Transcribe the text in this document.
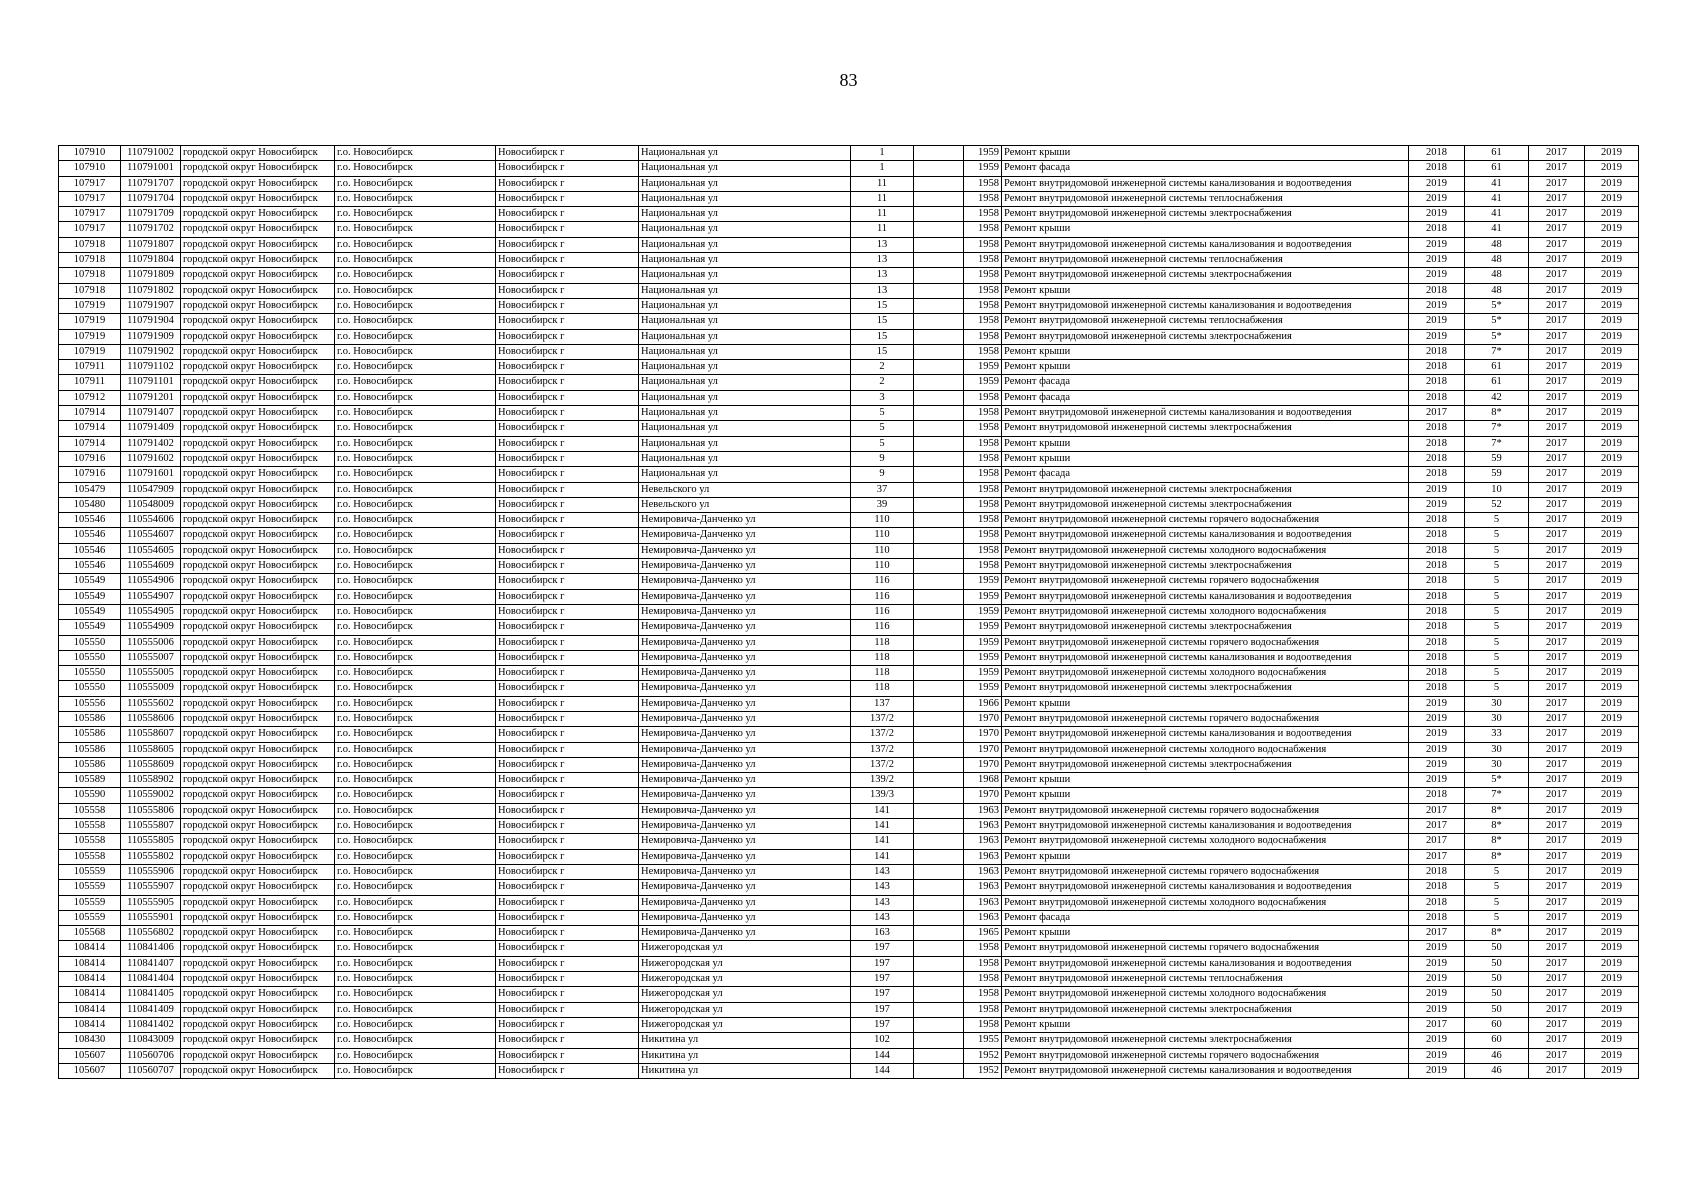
83
107910	110791002	городской округ Новосибирск	г.о. Новосибирск	Новосибирск г	Национальная ул	1		1959	Ремонт крыши	2018	61	2017	2019
107910	110791001	городской округ Новосибирск	г.о. Новосибирск	Новосибирск г	Национальная ул	1		1959	Ремонт фасада	2018	61	2017	2019
107917	110791707	городской округ Новосибирск	г.о. Новосибирск	Новосибирск г	Национальная ул	11		1958	Ремонт внутридомовой инженерной системы канализования и водоотведения	2019	41	2017	2019
107917	110791704	городской округ Новосибирск	г.о. Новосибирск	Новосибирск г	Национальная ул	11		1958	Ремонт внутридомовой инженерной системы теплоснабжения	2019	41	2017	2019
107917	110791709	городской округ Новосибирск	г.о. Новосибирск	Новосибирск г	Национальная ул	11		1958	Ремонт внутридомовой инженерной системы электроснабжения	2019	41	2017	2019
107917	110791702	городской округ Новосибирск	г.о. Новосибирск	Новосибирск г	Национальная ул	11		1958	Ремонт крыши	2018	41	2017	2019
107918	110791807	городской округ Новосибирск	г.о. Новосибирск	Новосибирск г	Национальная ул	13		1958	Ремонт внутридомовой инженерной системы канализования и водоотведения	2019	48	2017	2019
107918	110791804	городской округ Новосибирск	г.о. Новосибирск	Новосибирск г	Национальная ул	13		1958	Ремонт внутридомовой инженерной системы теплоснабжения	2019	48	2017	2019
107918	110791809	городской округ Новосибирск	г.о. Новосибирск	Новосибирск г	Национальная ул	13		1958	Ремонт внутридомовой инженерной системы электроснабжения	2019	48	2017	2019
107918	110791802	городской округ Новосибирск	г.о. Новосибирск	Новосибирск г	Национальная ул	13		1958	Ремонт крыши	2018	48	2017	2019
107919	110791907	городской округ Новосибирск	г.о. Новосибирск	Новосибирск г	Национальная ул	15		1958	Ремонт внутридомовой инженерной системы канализования и водоотведения	2019	5*	2017	2019
107919	110791904	городской округ Новосибирск	г.о. Новосибирск	Новосибирск г	Национальная ул	15		1958	Ремонт внутридомовой инженерной системы теплоснабжения	2019	5*	2017	2019
107919	110791909	городской округ Новосибирск	г.о. Новосибирск	Новосибирск г	Национальная ул	15		1958	Ремонт внутридомовой инженерной системы электроснабжения	2019	5*	2017	2019
107919	110791902	городской округ Новосибирск	г.о. Новосибирск	Новосибирск г	Национальная ул	15		1958	Ремонт крыши	2018	7*	2017	2019
107911	110791102	городской округ Новосибирск	г.о. Новосибирск	Новосибирск г	Национальная ул	2		1959	Ремонт крыши	2018	61	2017	2019
107911	110791101	городской округ Новосибирск	г.о. Новосибирск	Новосибирск г	Национальная ул	2		1959	Ремонт фасада	2018	61	2017	2019
107912	110791201	городской округ Новосибирск	г.о. Новосибирск	Новосибирск г	Национальная ул	3		1958	Ремонт фасада	2018	42	2017	2019
107914	110791407	городской округ Новосибирск	г.о. Новосибирск	Новосибирск г	Национальная ул	5		1958	Ремонт внутридомовой инженерной системы канализования и водоотведения	2017	8*	2017	2019
107914	110791409	городской округ Новосибирск	г.о. Новосибирск	Новосибирск г	Национальная ул	5		1958	Ремонт внутридомовой инженерной системы электроснабжения	2018	7*	2017	2019
107914	110791402	городской округ Новосибирск	г.о. Новосибирск	Новосибирск г	Национальная ул	5		1958	Ремонт крыши	2018	7*	2017	2019
107916	110791602	городской округ Новосибирск	г.о. Новосибирск	Новосибирск г	Национальная ул	9		1958	Ремонт крыши	2018	59	2017	2019
107916	110791601	городской округ Новосибирск	г.о. Новосибирск	Новосибирск г	Национальная ул	9		1958	Ремонт фасада	2018	59	2017	2019
105479	110547909	городской округ Новосибирск	г.о. Новосибирск	Новосибирск г	Невельского ул	37		1958	Ремонт внутридомовой инженерной системы электроснабжения	2019	10	2017	2019
105480	110548009	городской округ Новосибирск	г.о. Новосибирск	Новосибирск г	Невельского ул	39		1958	Ремонт внутридомовой инженерной системы электроснабжения	2019	52	2017	2019
105546	110554606	городской округ Новосибирск	г.о. Новосибирск	Новосибирск г	Немировича-Данченко ул	110		1958	Ремонт внутридомовой инженерной системы горячего водоснабжения	2018	5	2017	2019
105546	110554607	городской округ Новосибирск	г.о. Новосибирск	Новосибирск г	Немировича-Данченко ул	110		1958	Ремонт внутридомовой инженерной системы канализования и водоотведения	2018	5	2017	2019
105546	110554605	городской округ Новосибирск	г.о. Новосибирск	Новосибирск г	Немировича-Данченко ул	110		1958	Ремонт внутридомовой инженерной системы холодного водоснабжения	2018	5	2017	2019
105546	110554609	городской округ Новосибирск	г.о. Новосибирск	Новосибирск г	Немировича-Данченко ул	110		1958	Ремонт внутридомовой инженерной системы электроснабжения	2018	5	2017	2019
105549	110554906	городской округ Новосибирск	г.о. Новосибирск	Новосибирск г	Немировича-Данченко ул	116		1959	Ремонт внутридомовой инженерной системы горячего водоснабжения	2018	5	2017	2019
105549	110554907	городской округ Новосибирск	г.о. Новосибирск	Новосибирск г	Немировича-Данченко ул	116		1959	Ремонт внутридомовой инженерной системы канализования и водоотведения	2018	5	2017	2019
105549	110554905	городской округ Новосибирск	г.о. Новосибирск	Новосибирск г	Немировича-Данченко ул	116		1959	Ремонт внутридомовой инженерной системы холодного водоснабжения	2018	5	2017	2019
105549	110554909	городской округ Новосибирск	г.о. Новосибирск	Новосибирск г	Немировича-Данченко ул	116		1959	Ремонт внутридомовой инженерной системы электроснабжения	2018	5	2017	2019
105550	110555006	городской округ Новосибирск	г.о. Новосибирск	Новосибирск г	Немировича-Данченко ул	118		1959	Ремонт внутридомовой инженерной системы горячего водоснабжения	2018	5	2017	2019
105550	110555007	городской округ Новосибирск	г.о. Новосибирск	Новосибирск г	Немировича-Данченко ул	118		1959	Ремонт внутридомовой инженерной системы канализования и водоотведения	2018	5	2017	2019
105550	110555005	городской округ Новосибирск	г.о. Новосибирск	Новосибирск г	Немировича-Данченко ул	118		1959	Ремонт внутридомовой инженерной системы холодного водоснабжения	2018	5	2017	2019
105550	110555009	городской округ Новосибирск	г.о. Новосибирск	Новосибирск г	Немировича-Данченко ул	118		1959	Ремонт внутридомовой инженерной системы электроснабжения	2018	5	2017	2019
105556	110555602	городской округ Новосибирск	г.о. Новосибирск	Новосибирск г	Немировича-Данченко ул	137		1966	Ремонт крыши	2019	30	2017	2019
105586	110558606	городской округ Новосибирск	г.о. Новосибирск	Новосибирск г	Немировича-Данченко ул	137/2		1970	Ремонт внутридомовой инженерной системы горячего водоснабжения	2019	30	2017	2019
105586	110558607	городской округ Новосибирск	г.о. Новосибирск	Новосибирск г	Немировича-Данченко ул	137/2		1970	Ремонт внутридомовой инженерной системы канализования и водоотведения	2019	33	2017	2019
105586	110558605	городской округ Новосибирск	г.о. Новосибирск	Новосибирск г	Немировича-Данченко ул	137/2		1970	Ремонт внутридомовой инженерной системы холодного водоснабжения	2019	30	2017	2019
105586	110558609	городской округ Новосибирск	г.о. Новосибирск	Новосибирск г	Немировича-Данченко ул	137/2		1970	Ремонт внутридомовой инженерной системы электроснабжения	2019	30	2017	2019
105589	110558902	городской округ Новосибирск	г.о. Новосибирск	Новосибирск г	Немировича-Данченко ул	139/2		1968	Ремонт крыши	2019	5*	2017	2019
105590	110559002	городской округ Новосибирск	г.о. Новосибирск	Новосибирск г	Немировича-Данченко ул	139/3		1970	Ремонт крыши	2018	7*	2017	2019
105558	110555806	городской округ Новосибирск	г.о. Новосибирск	Новосибирск г	Немировича-Данченко ул	141		1963	Ремонт внутридомовой инженерной системы горячего водоснабжения	2017	8*	2017	2019
105558	110555807	городской округ Новосибирск	г.о. Новосибирск	Новосибирск г	Немировича-Данченко ул	141		1963	Ремонт внутридомовой инженерной системы канализования и водоотведения	2017	8*	2017	2019
105558	110555805	городской округ Новосибирск	г.о. Новосибирск	Новосибирск г	Немировича-Данченко ул	141		1963	Ремонт внутридомовой инженерной системы холодного водоснабжения	2017	8*	2017	2019
105558	110555802	городской округ Новосибирск	г.о. Новосибирск	Новосибирск г	Немировича-Данченко ул	141		1963	Ремонт крыши	2017	8*	2017	2019
105559	110555906	городской округ Новосибирск	г.о. Новосибирск	Новосибирск г	Немировича-Данченко ул	143		1963	Ремонт внутридомовой инженерной системы горячего водоснабжения	2018	5	2017	2019
105559	110555907	городской округ Новосибирск	г.о. Новосибирск	Новосибирск г	Немировича-Данченко ул	143		1963	Ремонт внутридомовой инженерной системы канализования и водоотведения	2018	5	2017	2019
105559	110555905	городской округ Новосибирск	г.о. Новосибирск	Новосибирск г	Немировича-Данченко ул	143		1963	Ремонт внутридомовой инженерной системы холодного водоснабжения	2018	5	2017	2019
105559	110555901	городской округ Новосибирск	г.о. Новосибирск	Новосибирск г	Немировича-Данченко ул	143		1963	Ремонт фасада	2018	5	2017	2019
105568	110556802	городской округ Новосибирск	г.о. Новосибирск	Новосибирск г	Немировича-Данченко ул	163		1965	Ремонт крыши	2017	8*	2017	2019
108414	110841406	городской округ Новосибирск	г.о. Новосибирск	Новосибирск г	Нижегородская ул	197		1958	Ремонт внутридомовой инженерной системы горячего водоснабжения	2019	50	2017	2019
108414	110841407	городской округ Новосибирск	г.о. Новосибирск	Новосибирск г	Нижегородская ул	197		1958	Ремонт внутридомовой инженерной системы канализования и водоотведения	2019	50	2017	2019
108414	110841404	городской округ Новосибирск	г.о. Новосибирск	Новосибирск г	Нижегородская ул	197		1958	Ремонт внутридомовой инженерной системы теплоснабжения	2019	50	2017	2019
108414	110841405	городской округ Новосибирск	г.о. Новосибирск	Новосибирск г	Нижегородская ул	197		1958	Ремонт внутридомовой инженерной системы холодного водоснабжения	2019	50	2017	2019
108414	110841409	городской округ Новосибирск	г.о. Новосибирск	Новосибирск г	Нижегородская ул	197		1958	Ремонт внутридомовой инженерной системы электроснабжения	2019	50	2017	2019
108414	110841402	городской округ Новосибирск	г.о. Новосибирск	Новосибирск г	Нижегородская ул	197		1958	Ремонт крыши	2017	60	2017	2019
108430	110843009	городской округ Новосибирск	г.о. Новосибирск	Новосибирск г	Никитина ул	102		1955	Ремонт внутридомовой инженерной системы электроснабжения	2019	60	2017	2019
105607	110560706	городской округ Новосибирск	г.о. Новосибирск	Новосибирск г	Никитина ул	144		1952	Ремонт внутридомовой инженерной системы горячего водоснабжения	2019	46	2017	2019
105607	110560707	городской округ Новосибирск	г.о. Новосибирск	Новосибирск г	Никитина ул	144		1952	Ремонт внутридомовой инженерной системы канализования и водоотведения	2019	46	2017	2019
